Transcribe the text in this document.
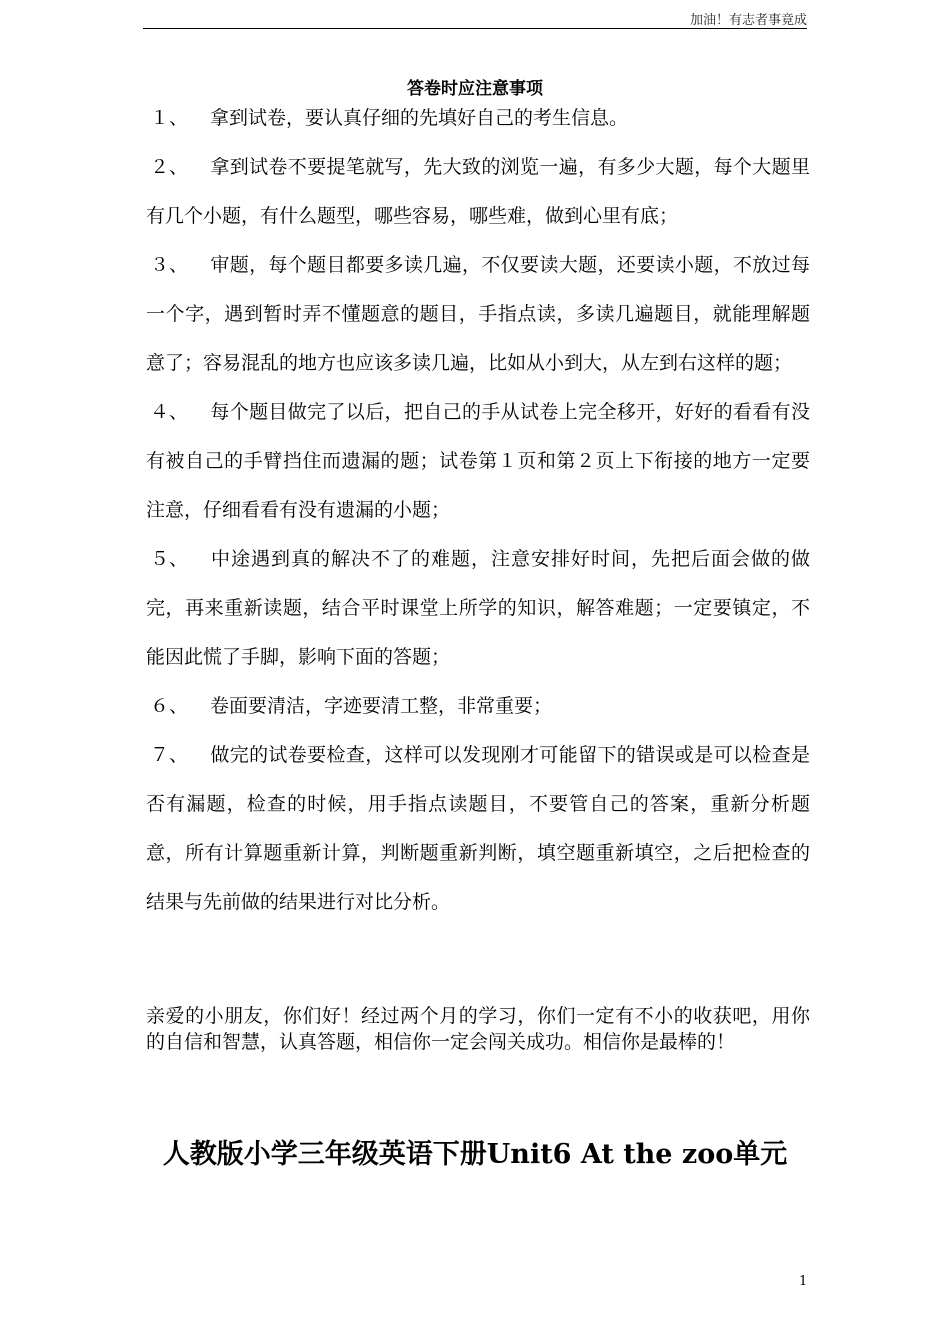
加油！有志者事竟成
答卷时应注意事项
１、 拿到试卷，要认真仔细的先填好自己的考生信息。
２、 拿到试卷不要提笔就写，先大致的浏览一遍，有多少大题，每个大题里有几个小题，有什么题型，哪些容易，哪些难，做到心里有底；
３、 审题，每个题目都要多读几遍，不仅要读大题，还要读小题，不放过每一个字，遇到暂时弄不懂题意的题目，手指点读，多读几遍题目，就能理解题意了；容易混乱的地方也应该多读几遍，比如从小到大，从左到右这样的题；
４、 每个题目做完了以后，把自己的手从试卷上完全移开，好好的看看有没有被自己的手臂挡住而遗漏的题；试卷第１页和第２页上下衔接的地方一定要注意，仔细看看有没有遗漏的小题；
５、 中途遇到真的解决不了的难题，注意安排好时间，先把后面会做的做完，再来重新读题，结合平时课堂上所学的知识，解答难题；一定要镇定，不能因此慌了手脚，影响下面的答题；
６、 卷面要清洁，字迹要清工整，非常重要；
７、 做完的试卷要检查，这样可以发现刚才可能留下的错误或是可以检查是否有漏题，检查的时候，用手指点读题目，不要管自己的答案，重新分析题意，所有计算题重新计算，判断题重新判断，填空题重新填空，之后把检查的结果与先前做的结果进行对比分析。
亲爱的小朋友，你们好！经过两个月的学习，你们一定有不小的收获吧，用你的自信和智慧，认真答题，相信你一定会闯关成功。相信你是最棒的！
人教版小学三年级英语下册Unit6 At the zoo单元
1
